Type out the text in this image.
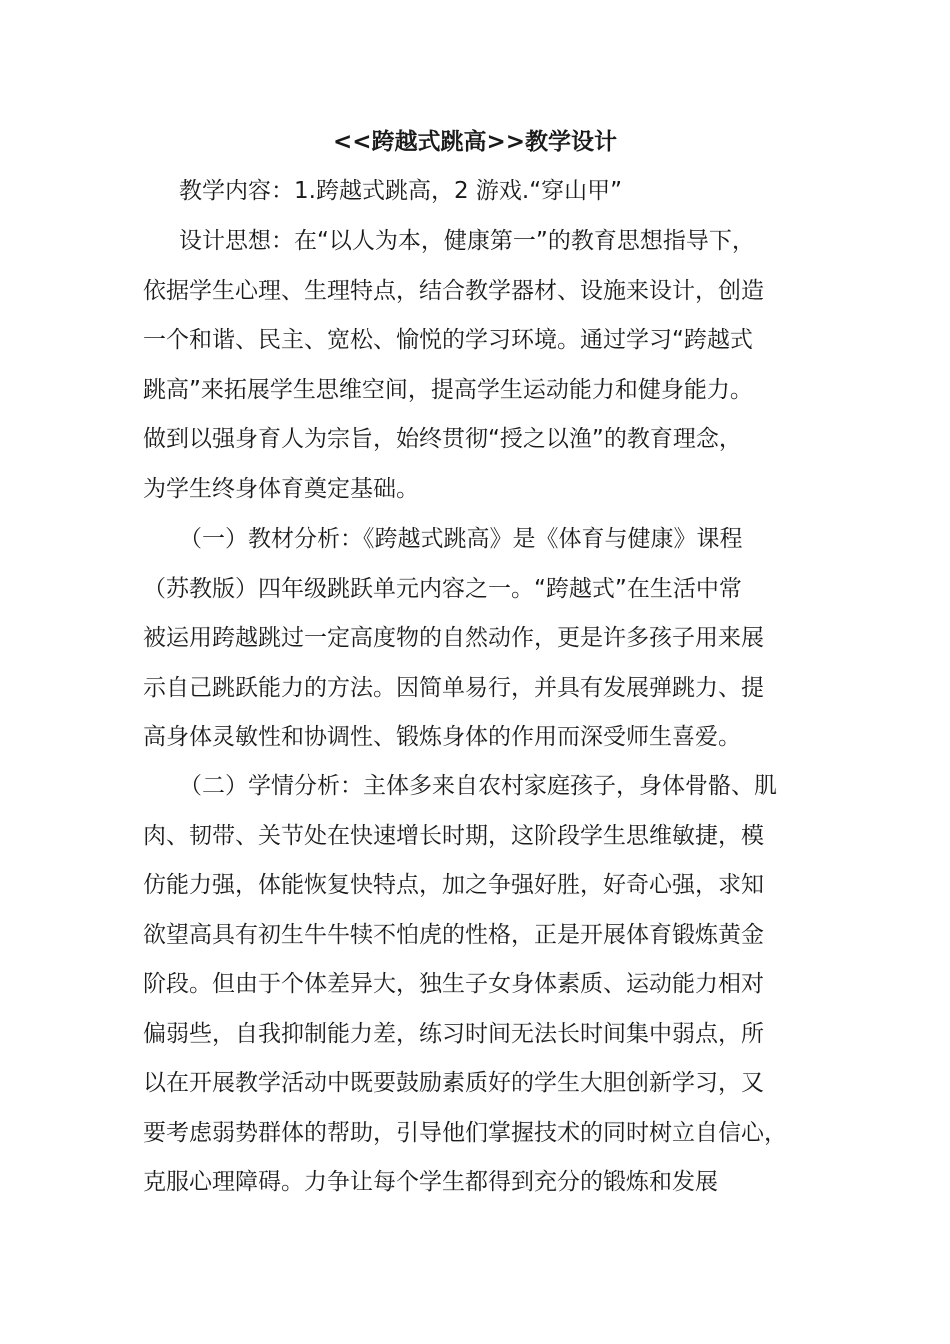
<<跨越式跳高>>教学设计
教学内容：1.跨越式跳高，2 游戏.“穿山甲”
设计思想：在“以人为本，健康第一”的教育思想指导下，
依据学生心理、生理特点，结合教学器材、设施来设计，创造
一个和谐、民主、宽松、愉悦的学习环境。通过学习“跨越式
跳高”来拓展学生思维空间，提高学生运动能力和健身能力。
做到以强身育人为宗旨，始终贯彻“授之以渔”的教育理念，
为学生终身体育奠定基础。
（一）教材分析：《跨越式跳高》是《体育与健康》课程
（苏教版）四年级跳跃单元内容之一。“跨越式”在生活中常
被运用跨越跳过一定高度物的自然动作，更是许多孩子用来展
示自己跳跃能力的方法。因简单易行，并具有发展弹跳力、提
高身体灵敏性和协调性、锻炼身体的作用而深受师生喜爱。
（二）学情分析：主体多来自农村家庭孩子，身体骨骼、肌
肉、韧带、关节处在快速增长时期，这阶段学生思维敏捷，模
仿能力强，体能恢复快特点，加之争强好胜，好奇心强，求知
欲望高具有初生牛牛犊不怕虎的性格，正是开展体育锻炼黄金
阶段。但由于个体差异大，独生子女身体素质、运动能力相对
偏弱些，自我抑制能力差，练习时间无法长时间集中弱点，所
以在开展教学活动中既要鼓励素质好的学生大胆创新学习，又
要考虑弱势群体的帮助，引导他们掌握技术的同时树立自信心，
克服心理障碍。力争让每个学生都得到充分的锻炼和发展
